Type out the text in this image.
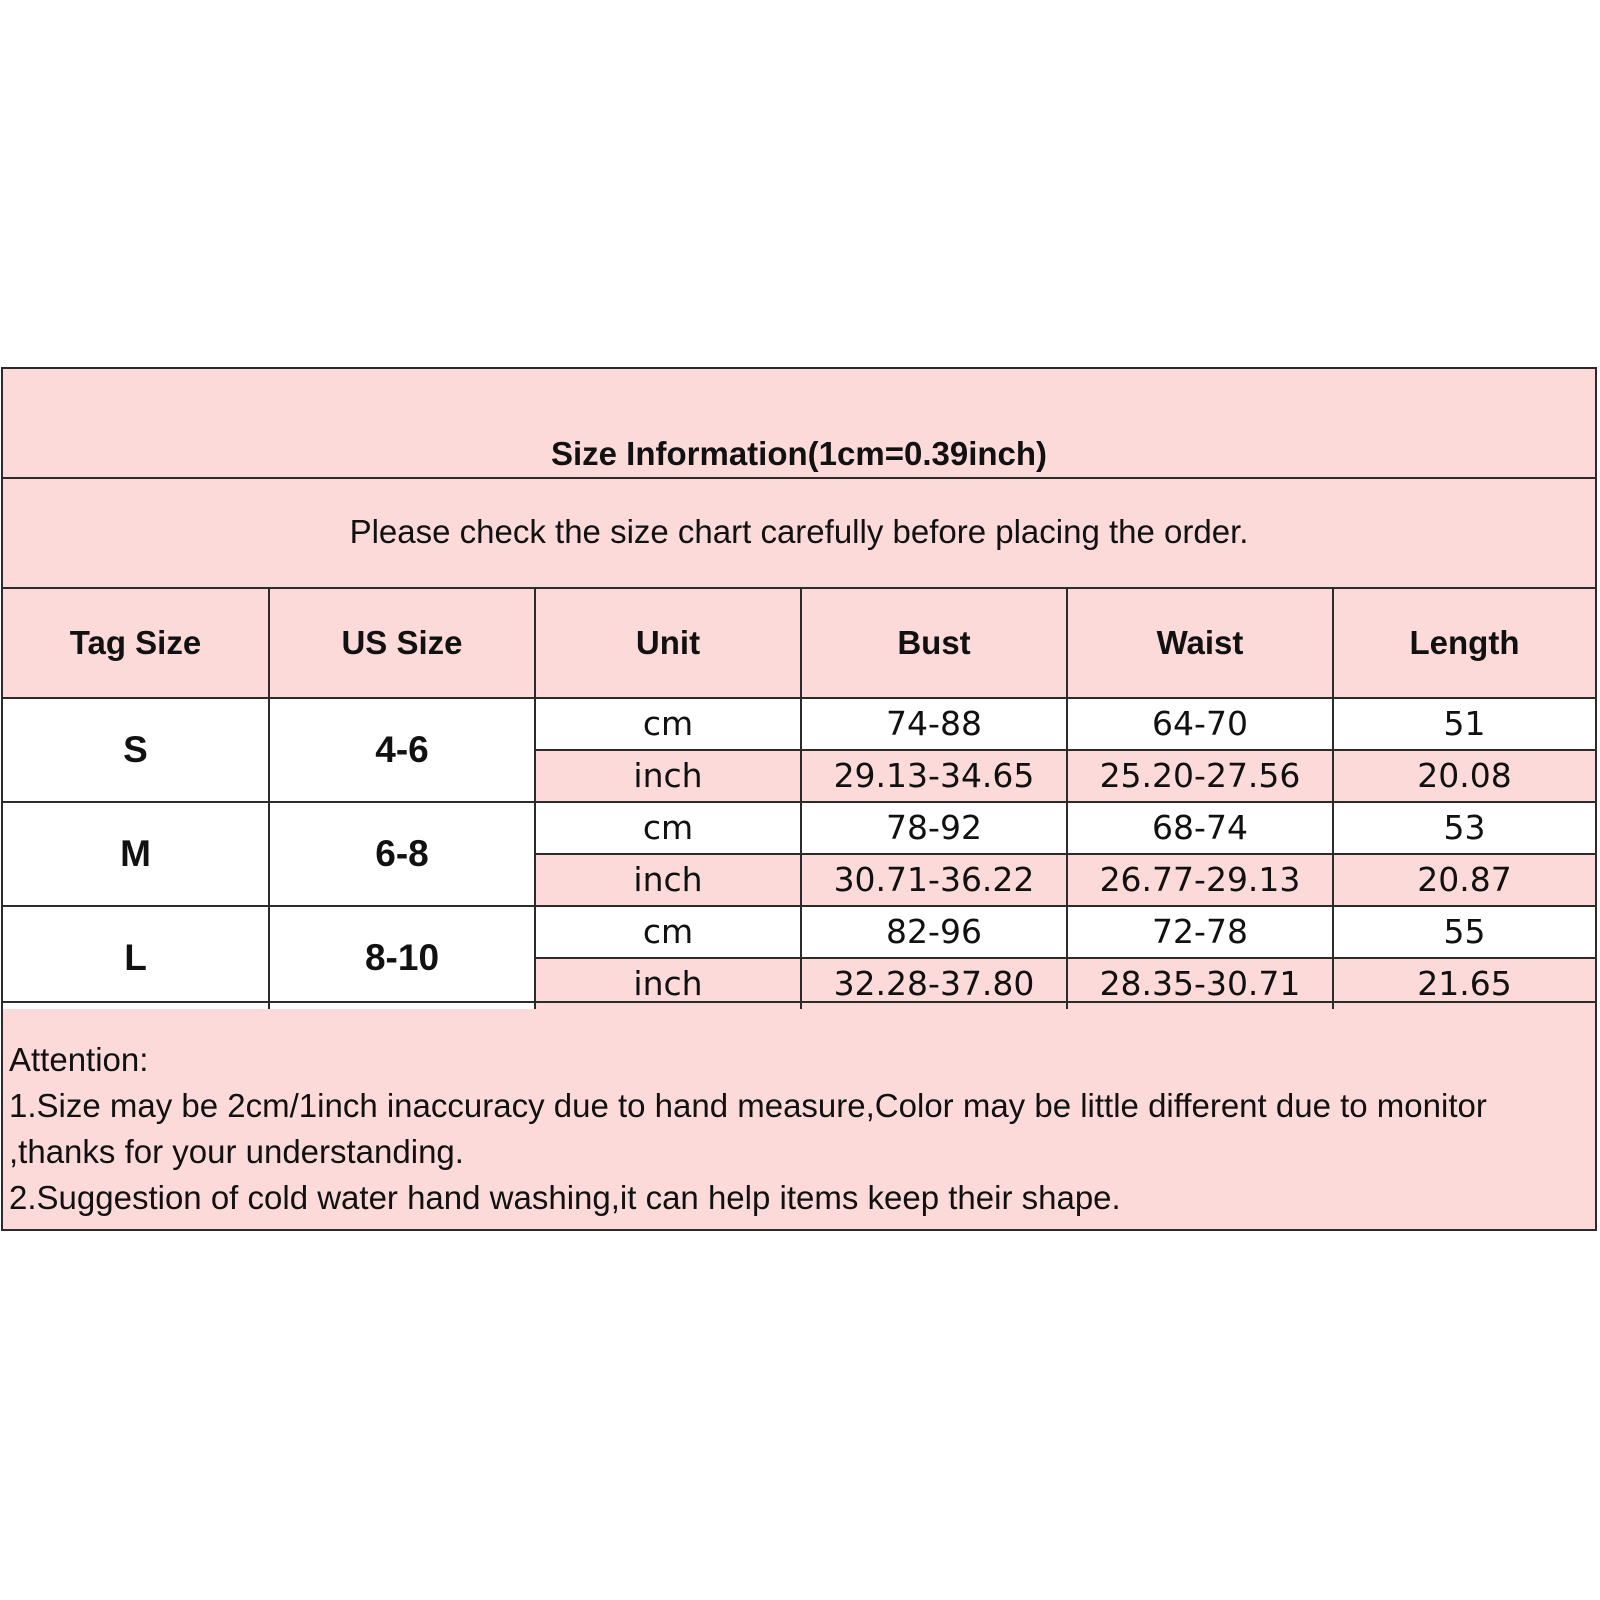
Size Information(1cm=0.39inch)
Please check the size chart carefully before placing the order.
Tag Size	US Size	Unit	Bust	Waist	Length
S	4-6	cm	74-88	64-70	51
		inch	29.13-34.65	25.20-27.56	20.08
M	6-8	cm	78-92	68-74	53
		inch	30.71-36.22	26.77-29.13	20.87
L	8-10	cm	82-96	72-78	55
		inch	32.28-37.80	28.35-30.71	21.65

Attention:

1.Size may be 2cm/1inch inaccuracy due to hand measure,Color may be little different due to monitor ,thanks for your understanding.

2.Suggestion of cold water hand washing,it can help items keep their shape.
